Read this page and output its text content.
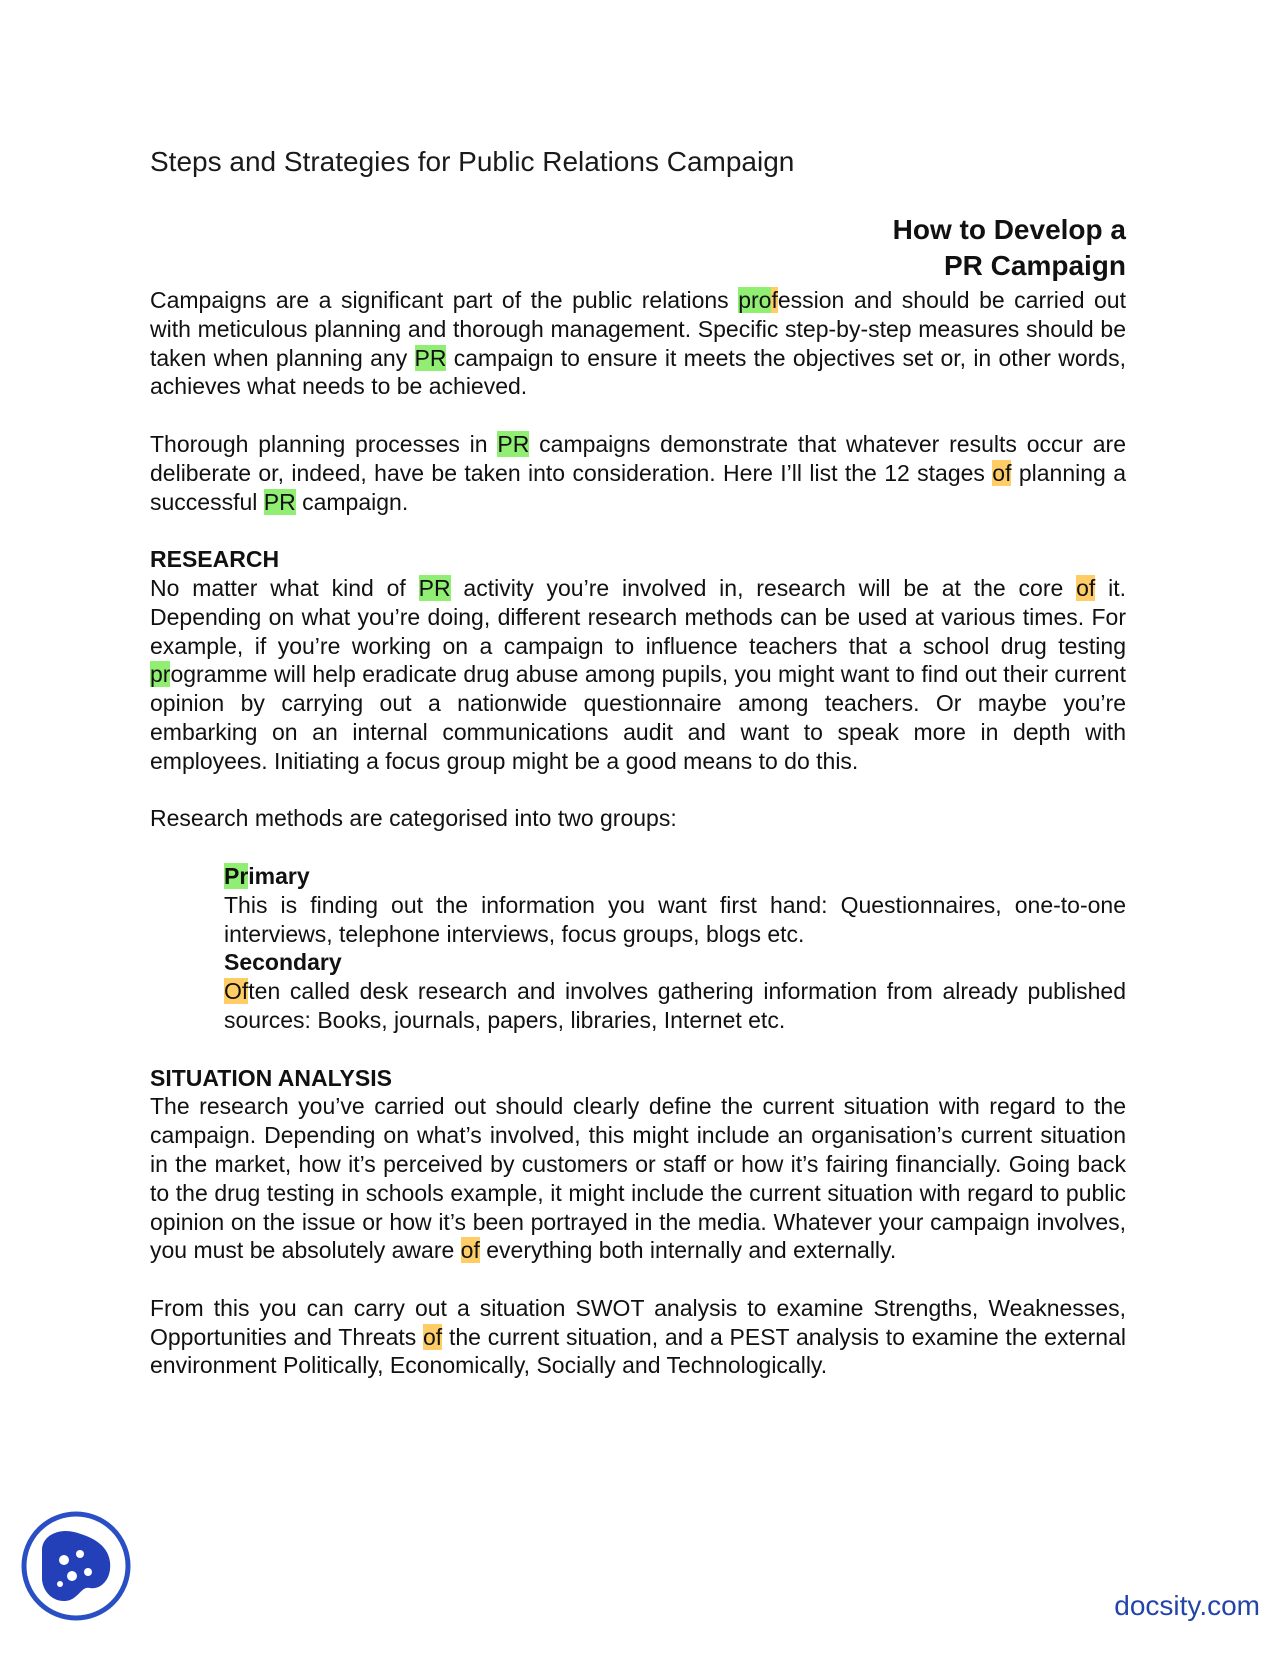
Steps and Strategies for Public Relations Campaign
How to Develop a
PR Campaign

Campaigns are a significant part of the public relations profession and should be carried out with meticulous planning and thorough management. Specific step-by-step measures should be taken when planning any PR campaign to ensure it meets the objectives set or, in other words, achieves what needs to be achieved.

Thorough planning processes in PR campaigns demonstrate that whatever results occur are deliberate or, indeed, have be taken into consideration. Here I’ll list the 12 stages of planning a successful PR campaign.

RESEARCH

No matter what kind of PR activity you’re involved in, research will be at the core of it. Depending on what you’re doing, different research methods can be used at various times. For example, if you’re working on a campaign to influence teachers that a school drug testing programme will help eradicate drug abuse among pupils, you might want to find out their current opinion by carrying out a nationwide questionnaire among teachers. Or maybe you’re embarking on an internal communications audit and want to speak more in depth with employees. Initiating a focus group might be a good means to do this.

Research methods are categorised into two groups:

Primary

This is finding out the information you want first hand: Questionnaires, one-to-one interviews, telephone interviews, focus groups, blogs etc.

Secondary

Often called desk research and involves gathering information from already published sources: Books, journals, papers, libraries, Internet etc.

SITUATION ANALYSIS

The research you’ve carried out should clearly define the current situation with regard to the campaign. Depending on what’s involved, this might include an organisation’s current situation in the market, how it’s perceived by customers or staff or how it’s fairing financially. Going back to the drug testing in schools example, it might include the current situation with regard to public opinion on the issue or how it’s been portrayed in the media. Whatever your campaign involves, you must be absolutely aware of everything both internally and externally.

From this you can carry out a situation SWOT analysis to examine Strengths, Weaknesses, Opportunities and Threats of the current situation, and a PEST analysis to examine the external environment Politically, Economically, Socially and Technologically.

docsity.com
